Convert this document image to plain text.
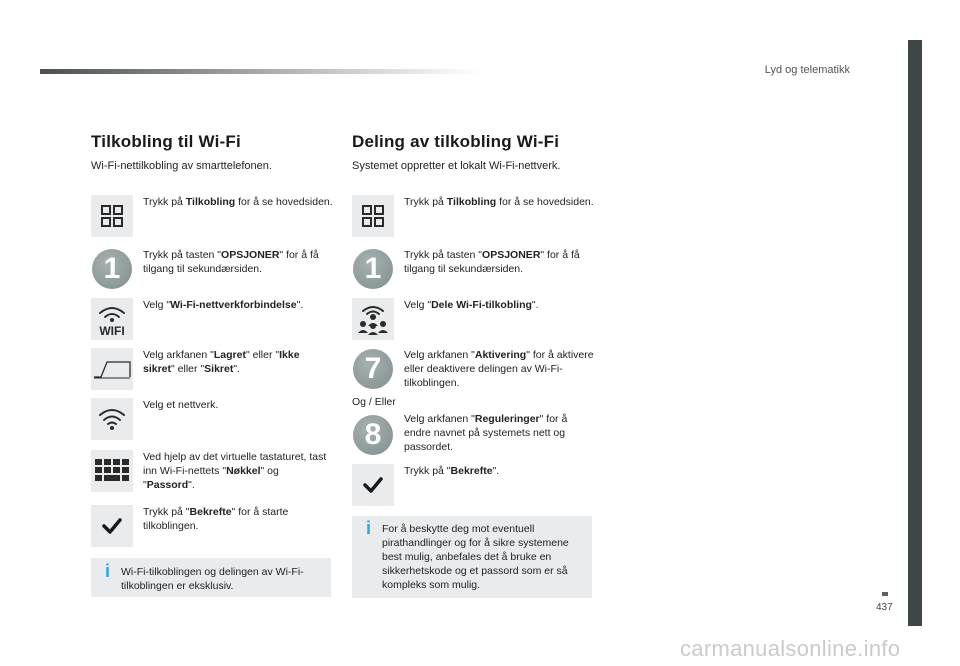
Lyd og telematikk
437
Tilkobling til Wi-Fi
Wi-Fi-nettilkobling av smarttelefonen.
Trykk på Tilkobling for å se hovedsiden.
1	Trykk på tasten "OPSJONER" for å få tilgang til sekundærsiden.
WIFI
Velg "Wi-Fi-nettverkforbindelse".
Velg arkfanen "Lagret" eller "Ikke sikret" eller "Sikret".
Velg et nettverk.
Ved hjelp av det virtuelle tastaturet, tast inn Wi-Fi-nettets "Nøkkel" og "Passord".
Trykk på "Bekrefte" for å starte tilkoblingen.
i Wi-Fi-tilkoblingen og delingen av Wi-Fi-tilkoblingen er eksklusiv.
Deling av tilkobling Wi-Fi
Systemet oppretter et lokalt Wi-Fi-nettverk.
Trykk på Tilkobling for å se hovedsiden.
1	Trykk på tasten "OPSJONER" for å få tilgang til sekundærsiden.
Velg "Dele Wi-Fi-tilkobling".
7	Velg arkfanen "Aktivering" for å aktivere eller deaktivere delingen av Wi-Fi-tilkoblingen.
Og / Eller
8	Velg arkfanen "Reguleringer" for å endre navnet på systemets nett og passordet.
Trykk på "Bekrefte".
i For å beskytte deg mot eventuell pirathandlinger og for å sikre systemene best mulig, anbefales det å bruke en sikkerhetskode og et passord som er så kompleks som mulig.
carmanualsonline.info
